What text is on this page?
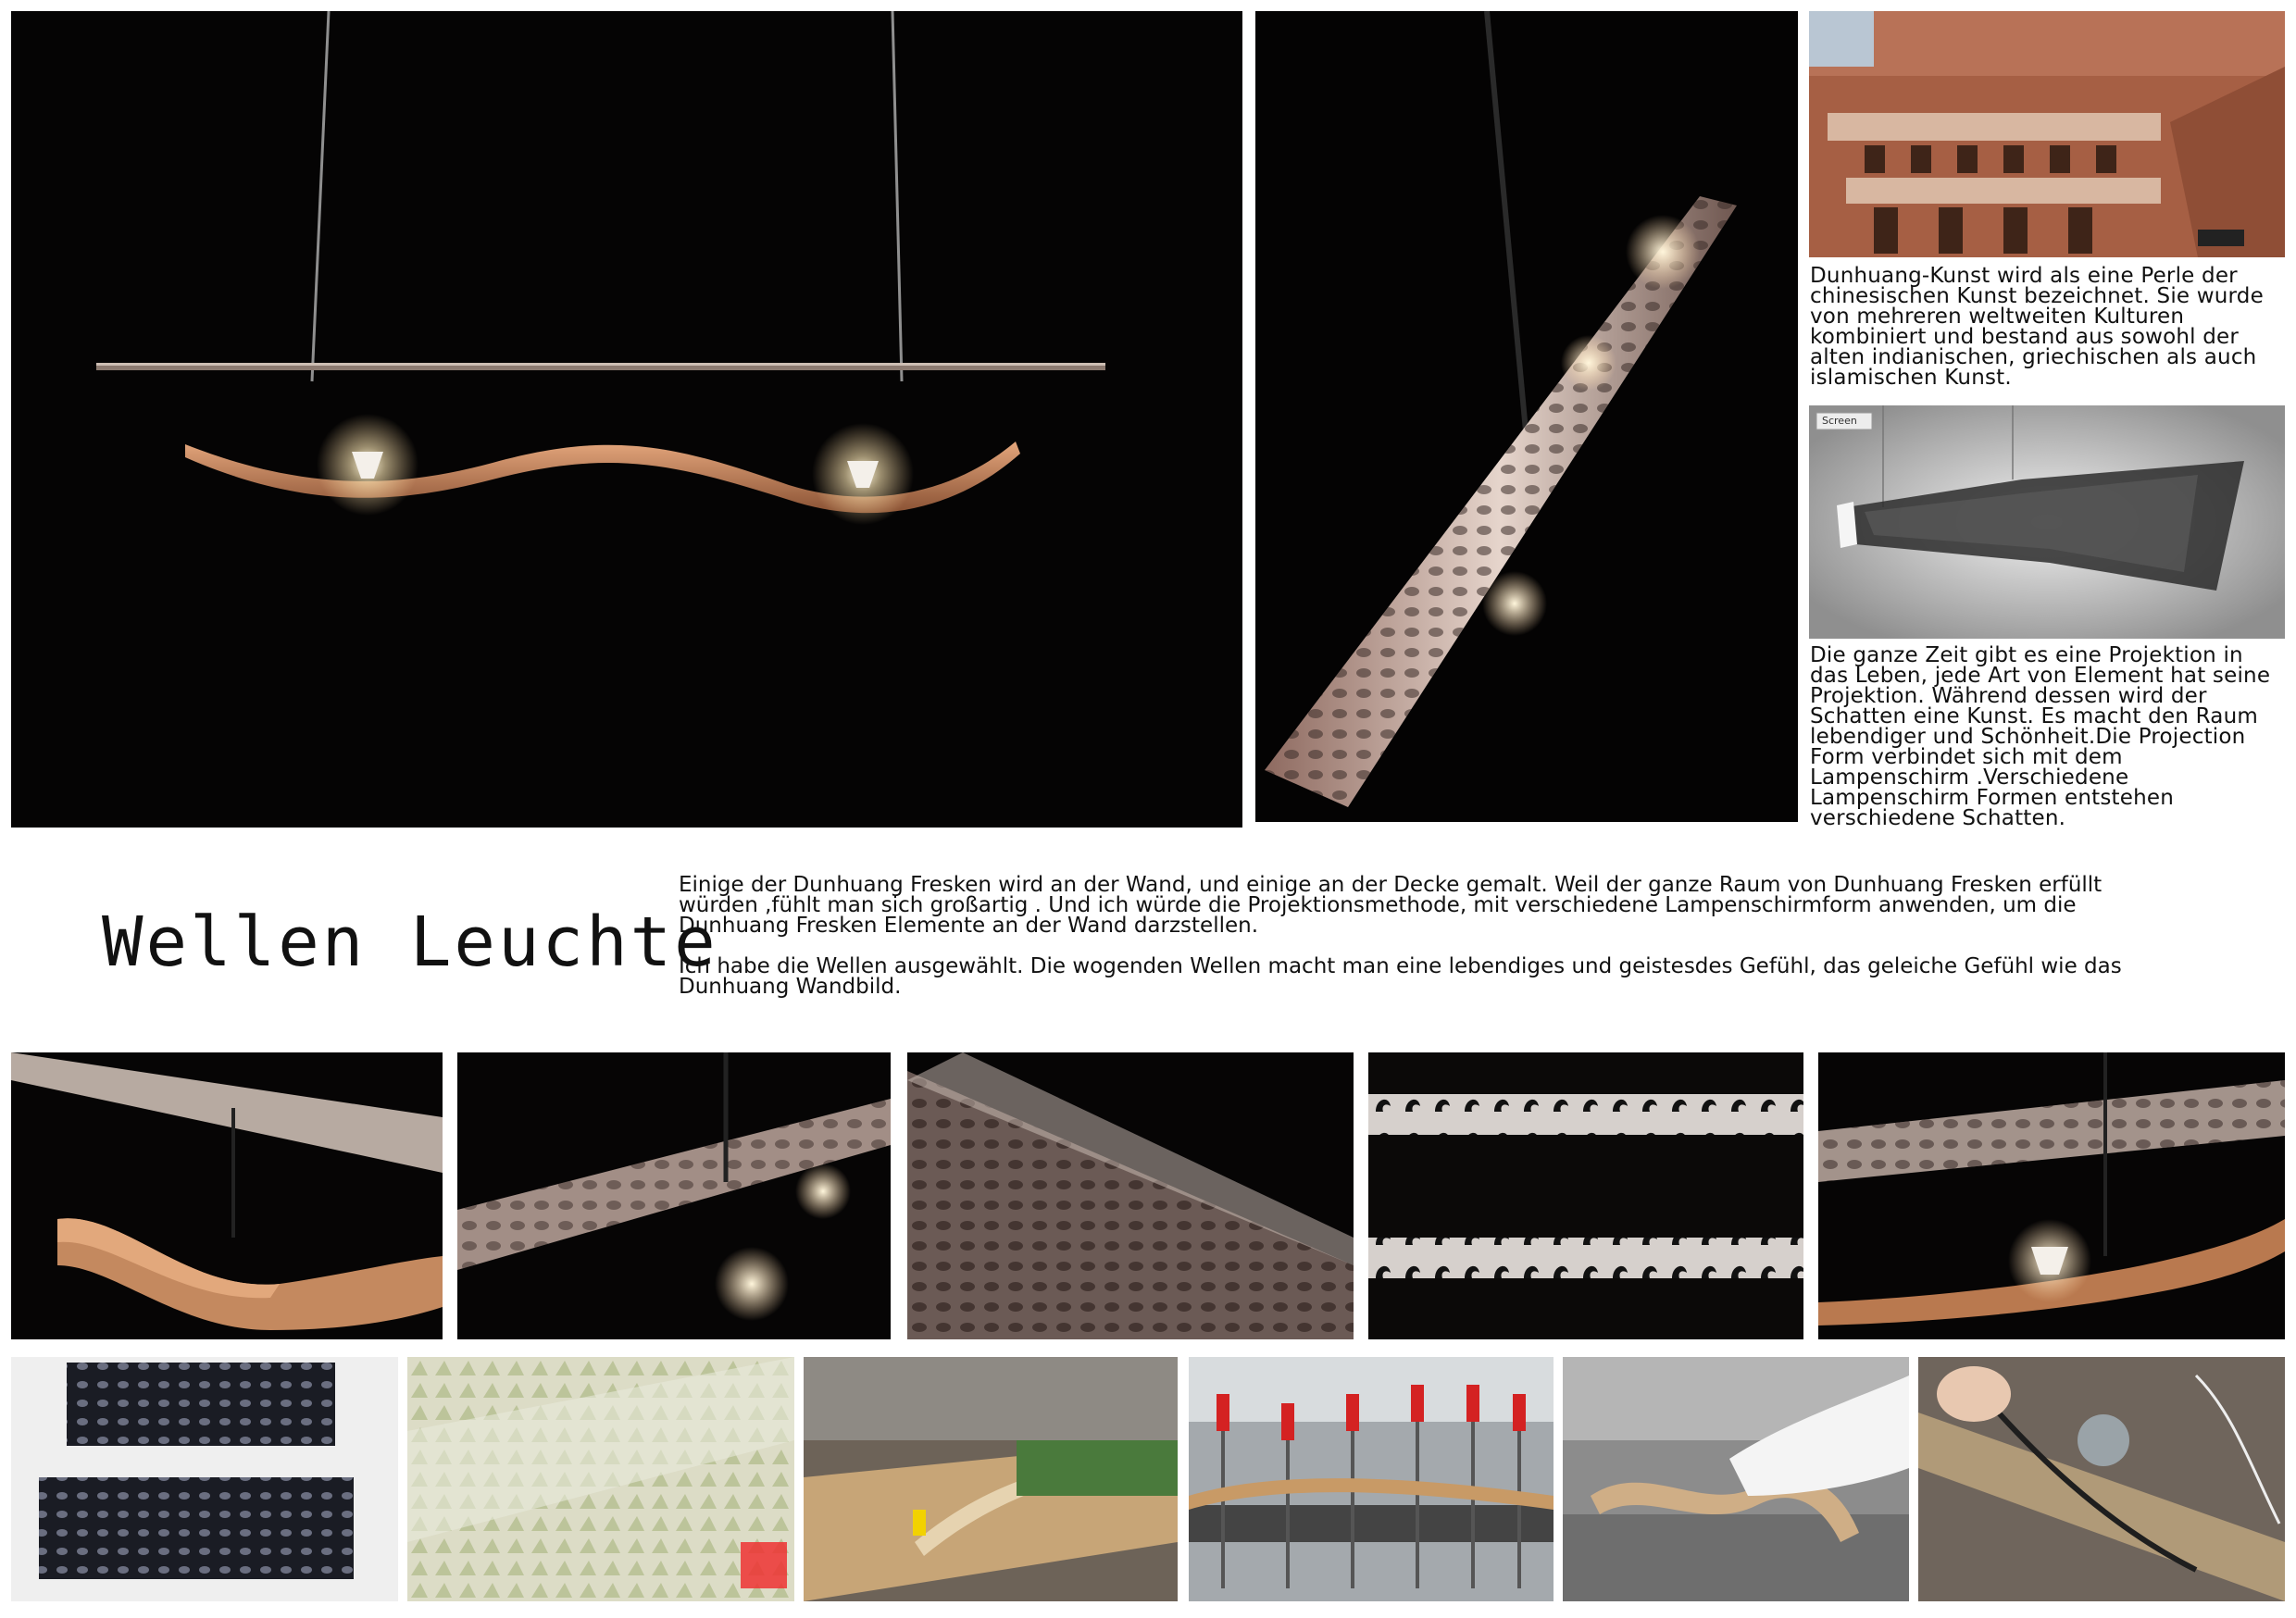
Dunhuang-Kunst wird als eine Perle der chinesischen Kunst bezeichnet. Sie wurde von mehreren weltweiten Kulturen kombiniert und bestand aus sowohl der alten indianischen, griechischen als auch islamischen Kunst.
Screen
Die ganze Zeit gibt es eine Projektion in das Leben, jede Art von Element hat seine Projektion. Während dessen wird der Schatten eine Kunst. Es macht den Raum lebendiger und Schönheit.Die Projection Form verbindet sich mit dem Lampenschirm .Verschiedene Lampenschirm Formen entstehen verschiedene Schatten.
Wellen Leuchte

Einige der Dunhuang Fresken wird an der Wand, und einige an der Decke gemalt. Weil der ganze Raum von Dunhuang Fresken erfüllt würden ,fühlt man sich großartig . Und ich würde die Projektionsmethode, mit verschiedene Lampenschirmform anwenden, um die Dunhuang Fresken Elemente an der Wand darzstellen.

Ich habe die Wellen ausgewählt. Die wogenden Wellen macht man eine lebendiges und geistesdes Gefühl, das geleiche Gefühl wie das Dunhuang Wandbild.
